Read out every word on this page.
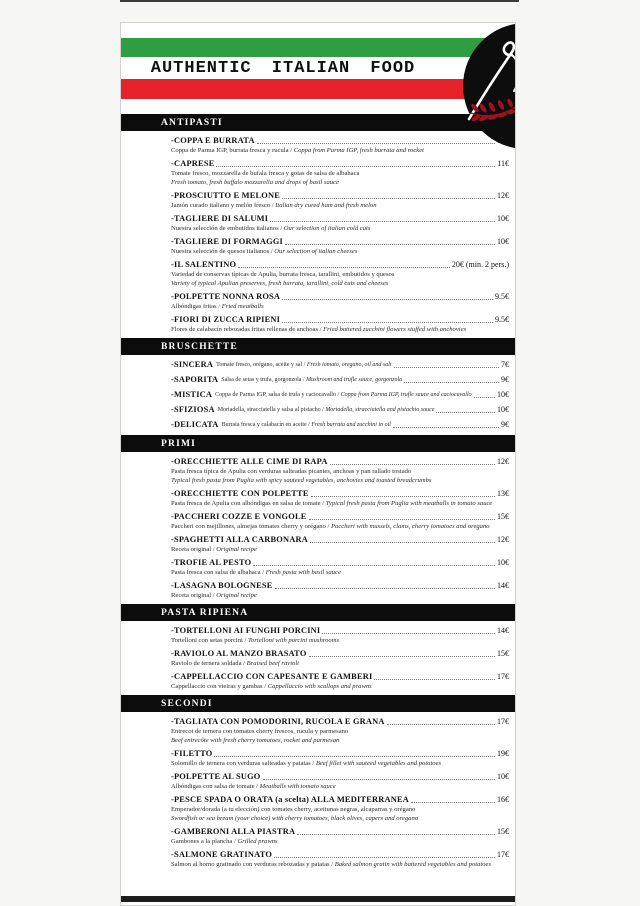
AUTHENTIC ITALIAN FOOD
ANTIPASTI
-COPPA E BURRATA
Coppa de Parma IGP, burrata fresca y rucula / Coppa from Parma IGP, fresh burrata and rocket
-CAPRESE	11€
Tomate fresco, mozzarella de bufala fresca y gotas de salsa de albahaca
Fresh tomato, fresh buffalo mozzarella and drops of basil sauce
-PROSCIUTTO E MELONE	12€
Jamón curado italiano y melón fresco / Italian dry cured ham and fresh melon
-TAGLIERE DI SALUMI	10€
Nuestra selección de embutidos italianos / Our selection of italian cold cuts
-TAGLIERE DI FORMAGGI	10€
Nuestra selección de quesos italianos / Our selection of italian cheeses
-IL SALENTINO	20€ (min. 2 pers.)
Variedad de conservas típicas de Apulia, burrata fresca, tarallini, embutidos y quesos
Variety of typical Apulian preserves, fresh burrata, tarallini, cold cuts and cheeses
-POLPETTE NONNA ROSA	9.5€
Albóndigas fritas / Fried meatballs
-FIORI DI ZUCCA RIPIENI	9.5€
Flores de calabacín rebozadas fritas rellenas de anchoas / Fried battered zucchini flowers stuffed with anchovies
BRUSCHETTE
-SINCERA Tomate fresco, orégano, aceite y sal / Fresh tomato, oregano, oil and salt	7€
-SAPORITA Salsa de setas y trufa, gorgonzola / Mushroom and trufle sauce, gorgonzola	9€
-MISTICA Coppa de Parma IGP, salsa de trufa y caciocavallo / Coppa from Parma IGP, trufle sauce and caciocavallo	10€
-SFIZIOSA Mortadella, stracciatella y salsa al pistacho / Mortadella, stracciatella and pistachio sauce	10€
-DELICATA Burrata fresca y calabacín en aceite / Fresh burrata and zucchini in oil	9€
PRIMI
-ORECCHIETTE ALLE CIME DI RAPA	12€
Pasta fresca típica de Apulia con verduras salteadas picantes, anchoas y pan rallado tostado
Typical fresh pasta from Puglia with spicy sauteed vegetables, anchovies and toasted breadcrumbs
-ORECCHIETTE CON POLPETTE	13€
Pasta fresca de Apulia con albóndigas en salsa de tomate / Typical fresh pasta from Puglia with meatballs in tomato sauce
-PACCHERI COZZE E VONGOLE	15€
Paccheri con mejillones, almejas tomates cherry y orégano / Paccheri with mussels, clams, cherry tomatoes and oregano
-SPAGHETTI ALLA CARBONARA	12€
Receta original / Original recipe
-TROFIE AL PESTO	10€
Pasta fresca con salsa de albahaca / Fresh pasta with basil sauce
-LASAGNA BOLOGNESE	14€
Receta original / Original recipe
PASTA RIPIENA
-TORTELLONI AI FUNGHI PORCINI	14€
Tortelloni con setas porcini / Tortelloni with porcini mushrooms
-RAVIOLO AL MANZO BRASATO	15€
Raviolo de ternera soldada / Braised beef ravioli
-CAPPELLACCIO CON CAPESANTE E GAMBERI	17€
Cappellaccio con vieiras y gambas / Cappellaccio with scallops and prawns
SECONDI
-TAGLIATA CON POMODORINI, RUCOLA E GRANA	17€
Entrecot de ternera con tomates cherry frescos, rucula y parmesano
Beef entrecôte with fresh cherry tomatoes, rocket and parmesan
-FILETTO	19€
Solomillo de ternera con verduras salteadas y patatas / Beef fillet with sauteed vegetables and potatoes
-POLPETTE AL SUGO	10€
Albóndigas con salsa de tomate / Meatballs with tomato sauce
-PESCE SPADA O ORATA (a scelta) ALLA MEDITERRANEA	16€
Emperador/dorada (a tu elección) con tomates cherry, aceitunas negras, alcaparras y orégano
Swordfish or sea bream (your choice) with cherry tomatoes, black olives, capers and oregano
-GAMBERONI ALLA PIASTRA	15€
Gambones a la plancha / Grilled prawns
-SALMONE GRATINATO	17€
Salmon al horno gratinado con verduras rebozadas y patatas / Baked salmon gratin with battered vegetables and potatoes
